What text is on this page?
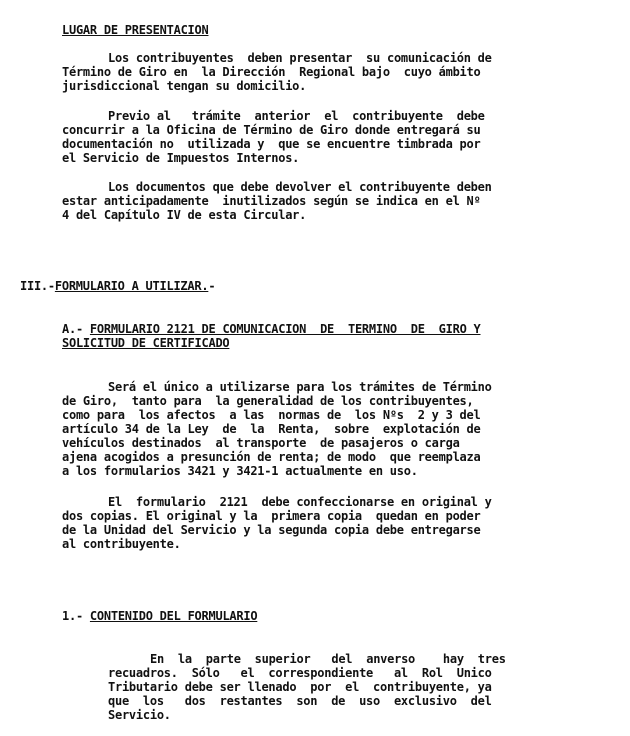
LUGAR DE PRESENTACION
Los contribuyentes  deben presentar  su comunicación de
Término de Giro en  la Dirección  Regional bajo  cuyo ámbito
jurisdiccional tengan su domicilio.
Previo al   trámite  anterior  el  contribuyente  debe
concurrir a la Oficina de Término de Giro donde entregará su
documentación no  utilizada y  que se encuentre timbrada por
el Servicio de Impuestos Internos.
Los documentos que debe devolver el contribuyente deben
estar anticipadamente  inutilizados según se indica en el Nº
4 del Capítulo IV de esta Circular.
III.-FORMULARIO A UTILIZAR.-
A.- FORMULARIO 2121 DE COMUNICACION  DE  TERMINO  DE  GIRO Y
SOLICITUD DE CERTIFICADO
Será el único a utilizarse para los trámites de Término
de Giro,  tanto para  la generalidad de los contribuyentes,
como para  los afectos  a las  normas de  los Nºs  2 y 3 del
artículo 34 de la Ley  de  la  Renta,  sobre  explotación de
vehículos destinados  al transporte  de pasajeros o carga
ajena acogidos a presunción de renta; de modo  que reemplaza
a los formularios 3421 y 3421-1 actualmente en uso.
El  formulario  2121  debe confeccionarse en original y
dos copias. El original y la  primera copia  quedan en poder
de la Unidad del Servicio y la segunda copia debe entregarse
al contribuyente.
1.- CONTENIDO DEL FORMULARIO
En  la  parte  superior   del  anverso    hay  tres
recuadros.  Sólo   el  correspondiente   al  Rol  Unico
Tributario debe ser llenado  por  el  contribuyente, ya
que  los   dos  restantes  son  de  uso  exclusivo  del
Servicio.
